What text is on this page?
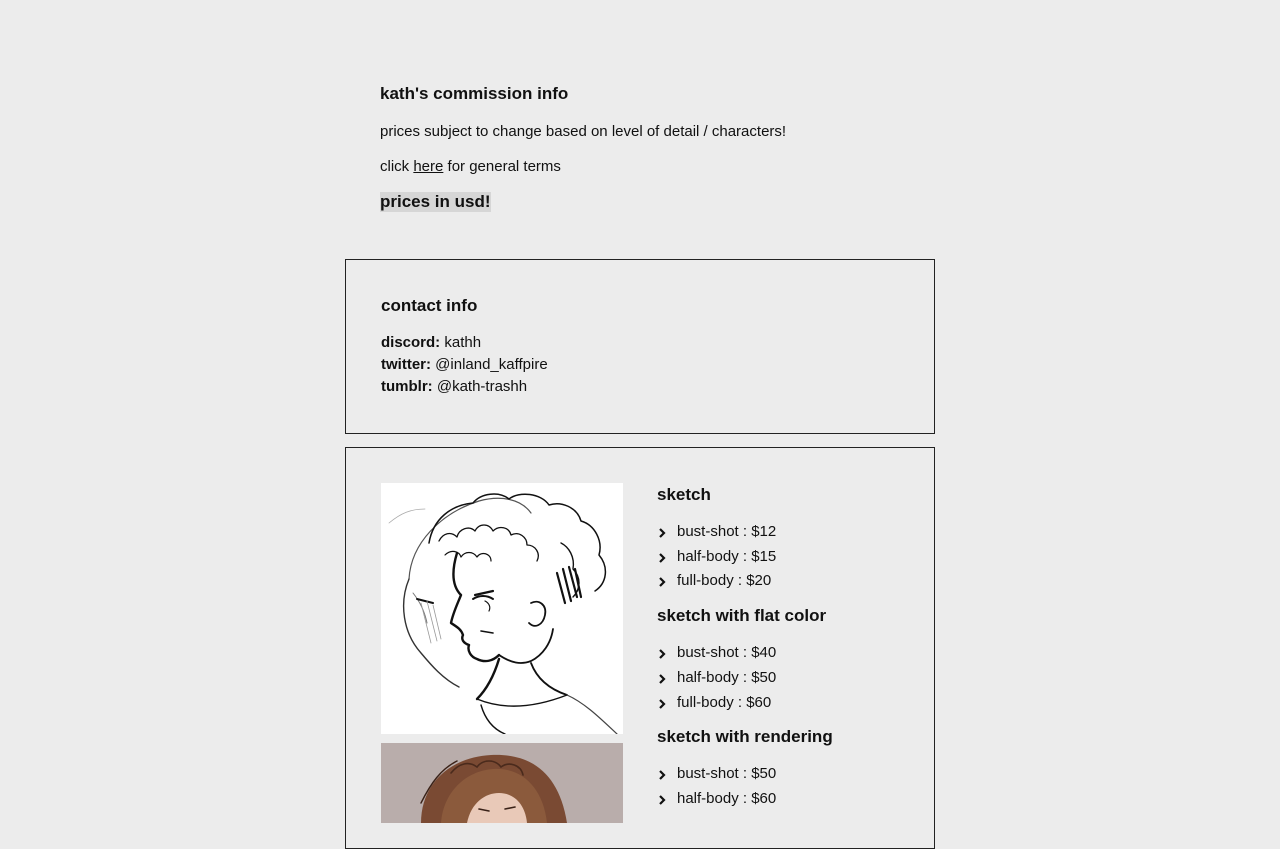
kath's commission info

prices subject to change based on level of detail / characters!

click here for general terms

prices in usd!
contact info
discord: kathh
twitter: @inland_kaffpire
tumblr: @kath-trashh
sketch
bust-shot : $12
half-body : $15
full-body : $20
sketch with flat color
bust-shot : $40
half-body : $50
full-body : $60
sketch with rendering
bust-shot : $50
half-body : $60
